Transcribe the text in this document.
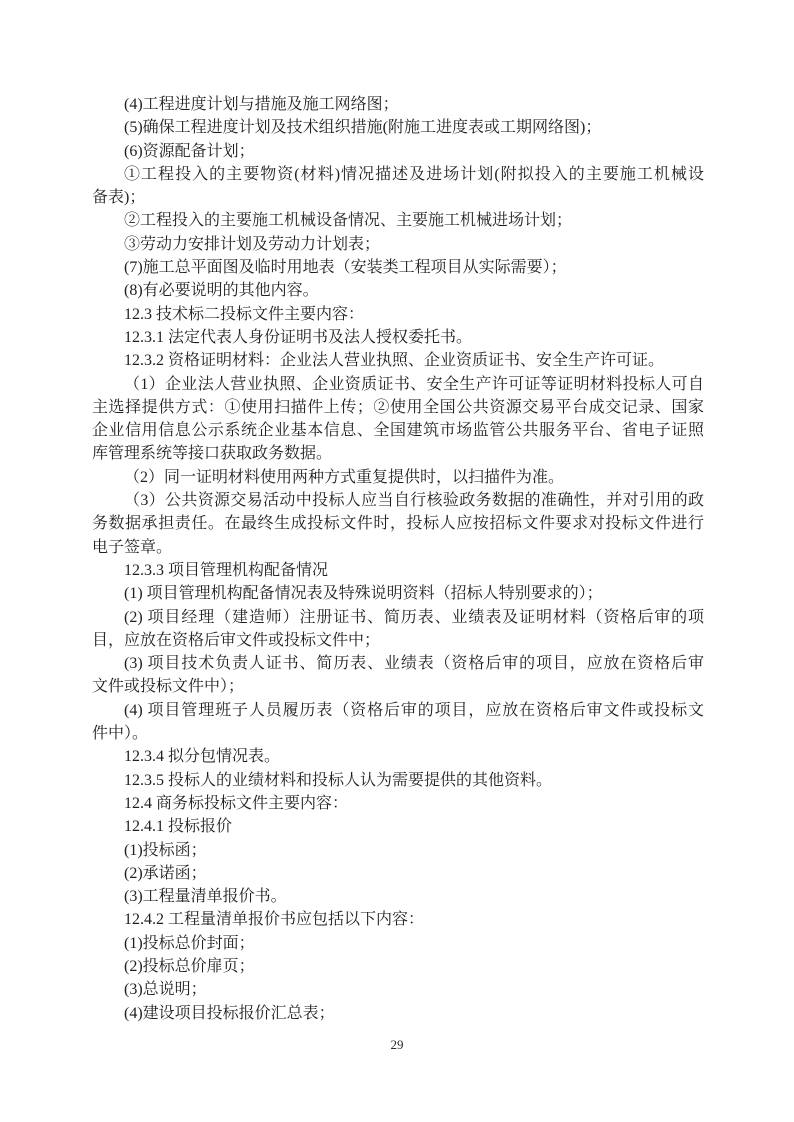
(4)工程进度计划与措施及施工网络图；
(5)确保工程进度计划及技术组织措施(附施工进度表或工期网络图)；
(6)资源配备计划；
①工程投入的主要物资(材料)情况描述及进场计划(附拟投入的主要施工机械设
备表)；
②工程投入的主要施工机械设备情况、主要施工机械进场计划；
③劳动力安排计划及劳动力计划表；
(7)施工总平面图及临时用地表（安装类工程项目从实际需要）；
(8)有必要说明的其他内容。
12.3 技术标二投标文件主要内容：
12.3.1 法定代表人身份证明书及法人授权委托书。
12.3.2 资格证明材料：企业法人营业执照、企业资质证书、安全生产许可证。
（1）企业法人营业执照、企业资质证书、安全生产许可证等证明材料投标人可自
主选择提供方式：①使用扫描件上传；②使用全国公共资源交易平台成交记录、国家
企业信用信息公示系统企业基本信息、全国建筑市场监管公共服务平台、省电子证照
库管理系统等接口获取政务数据。
（2）同一证明材料使用两种方式重复提供时，以扫描件为准。
（3）公共资源交易活动中投标人应当自行核验政务数据的准确性，并对引用的政
务数据承担责任。在最终生成投标文件时，投标人应按招标文件要求对投标文件进行
电子签章。
12.3.3 项目管理机构配备情况
(1) 项目管理机构配备情况表及特殊说明资料（招标人特别要求的）；
(2) 项目经理（建造师）注册证书、简历表、业绩表及证明材料（资格后审的项
目，应放在资格后审文件或投标文件中；
(3) 项目技术负责人证书、简历表、业绩表（资格后审的项目，应放在资格后审
文件或投标文件中）；
(4) 项目管理班子人员履历表（资格后审的项目，应放在资格后审文件或投标文
件中）。
12.3.4 拟分包情况表。
12.3.5 投标人的业绩材料和投标人认为需要提供的其他资料。
12.4 商务标投标文件主要内容：
12.4.1 投标报价
(1)投标函；
(2)承诺函；
(3)工程量清单报价书。
12.4.2 工程量清单报价书应包括以下内容：
(1)投标总价封面；
(2)投标总价扉页；
(3)总说明；
(4)建设项目投标报价汇总表；
29
